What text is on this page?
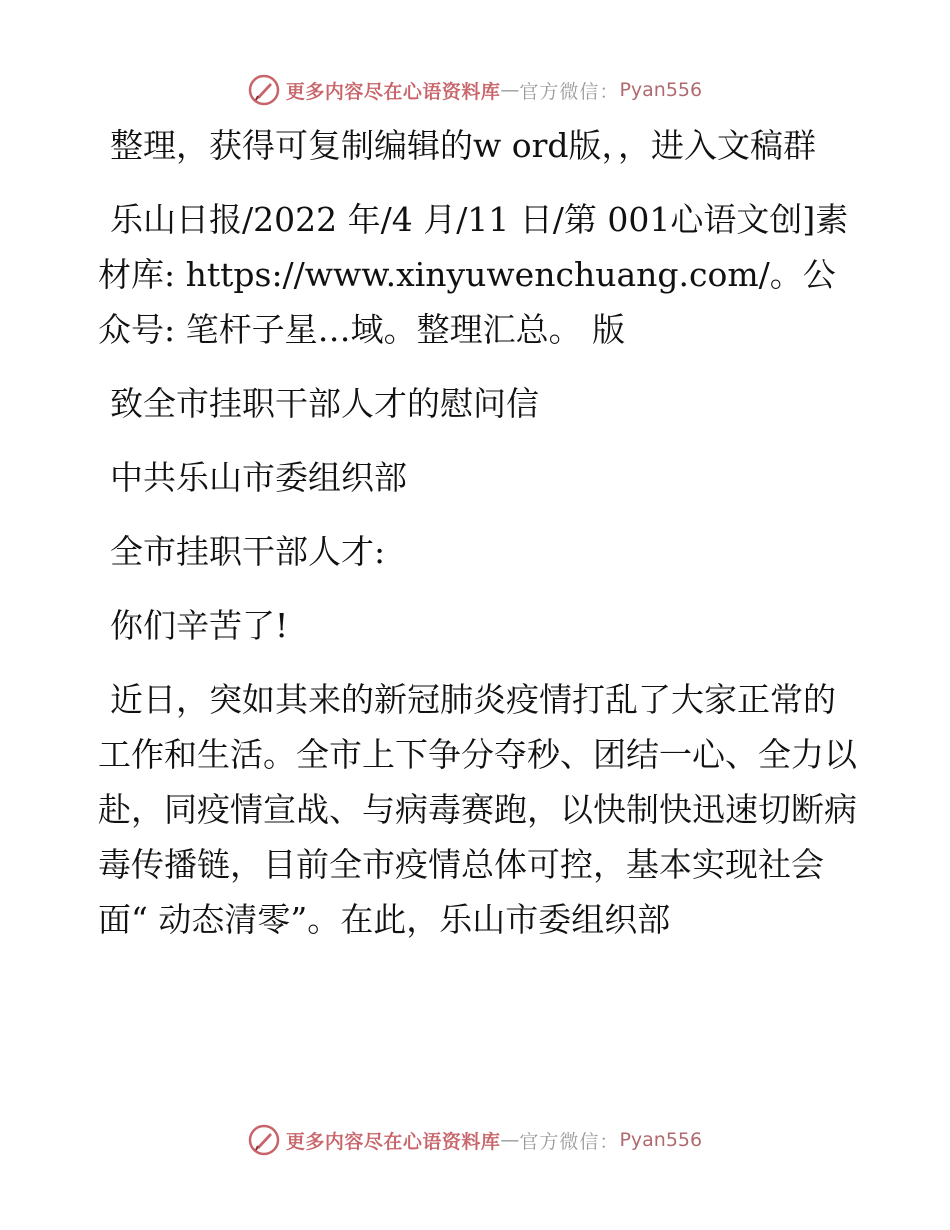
更多内容尽在心语资料库 — 官方微信： Pyan556

整理，获得可复制编辑的w ord版，，进入文稿群

乐山日报/2022 年/4 月/11 日/第 001心语文创]素材库: https://www.xinyuwenchuang.com/。公众号: 笔杆子星…域。整理汇总。 版

致全市挂职干部人才的慰问信

中共乐山市委组织部

全市挂职干部人才:

你们辛苦了!

近日，突如其来的新冠肺炎疫情打乱了大家正常的工作和生活。全市上下争分夺秒、团结一心、全力以赴，同疫情宣战、与病毒赛跑，以快制快迅速切断病毒传播链，目前全市疫情总体可控，基本实现社会面“ 动态清零”。在此，乐山市委组织部

更多内容尽在心语资料库 — 官方微信： Pyan556
